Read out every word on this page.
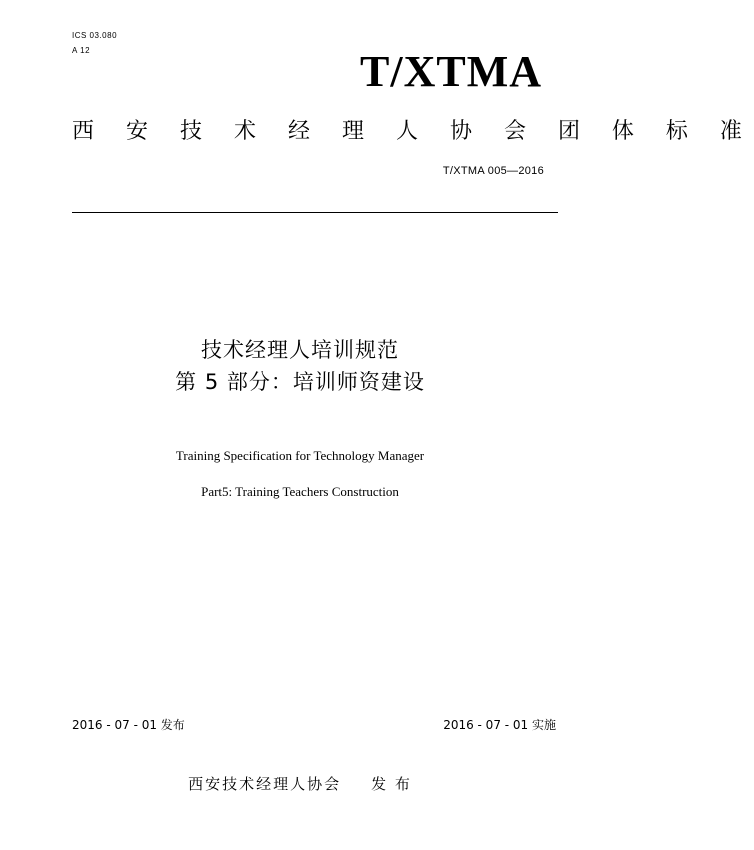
ICS 03.080
A 12	T/XTMA
西 安 技 术 经 理 人 协 会 团 体 标 准
T/XTMA 005—2016
技术经理人培训规范
第 5 部分：培训师资建设
Training Specification for Technology Manager
Part5: Training Teachers Construction
2016 - 07 - 01 发布	2016 - 07 - 01 实施
西安技术经理人协会 发 布
